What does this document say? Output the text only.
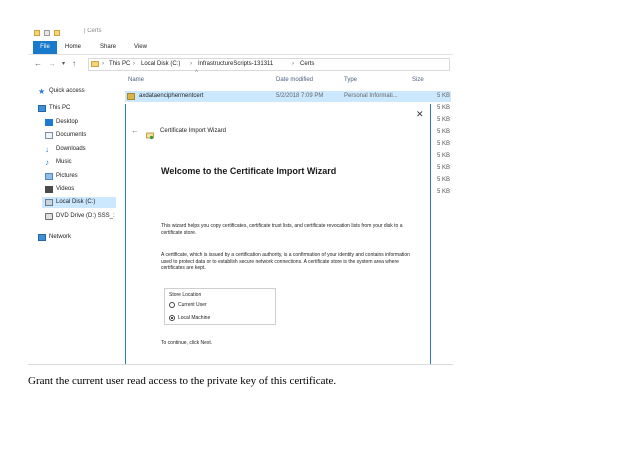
| Certs
File	Home	Share	View
← → ▾ ↑	› This PC › Local Disk (C:) › InfrastructureScripts-131311	› Certs
★ Quick access
This PC
Desktop
Documents
↓	Downloads
♪	Music
Pictures
Videos
Local Disk (C:)
DVD Drive (D:) SSS_:
Network
^
Name	Date modified	Type	Size
axdataenciphermentcert	5/2/2018 7:09 PM	Personal Informati...	5 KB
5 KB
5 KB
5 KB
5 KB
5 KB
5 KB
5 KB
5 KB
✕
←	Certificate Import Wizard
Welcome to the Certificate Import Wizard
This wizard helps you copy certificates, certificate trust lists, and certificate revocation lists from your disk to a certificate store.
A certificate, which is issued by a certification authority, is a confirmation of your identity and contains information used to protect data or to establish secure network connections. A certificate store is the system area where certificates are kept.
Store Location
Current User
Local Machine
To continue, click Next.
Grant the current user read access to the private key of this certificate.
